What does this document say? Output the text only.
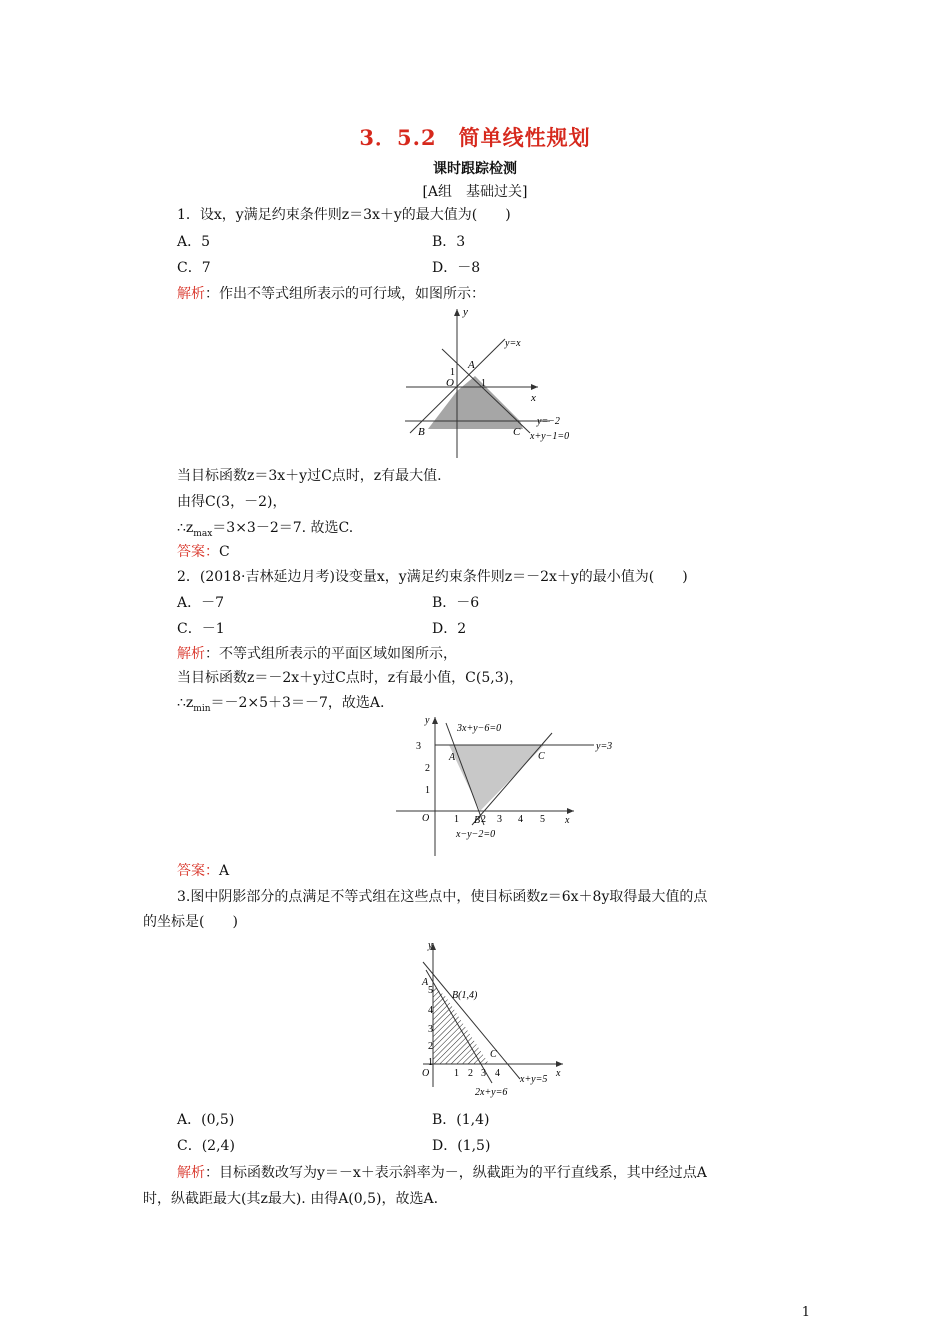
3．5.2　简单线性规划
课时跟踪检测
[A组　基础过关]
1．设x，y满足约束条件则z＝3x＋y的最大值为(　　)
A．5	B．3
C．7	D．－8
解析：作出不等式组所表示的可行域，如图所示：
y
x
y=x
A
O
1
1
y=−2
B	C x+y−1=0
当目标函数z＝3x＋y过C点时，z有最大值.
由得C(3，－2)，
$\therefore z_{max}=3\times 3-2=7$. 故选C.
答案：C
2．(2018·吉林延边月考)设变量x，y满足约束条件则z＝－2x＋y的最小值为(　　)
A．－7	B．－6
C．－1	D．2
解析：不等式组所表示的平面区域如图所示，
当目标函数z＝－2x＋y过C点时，z有最小值，C(5,3)，
$\therefore z_{min}=-2\times 5+3=-7$，故选A.
y
x
3x+y−6=0
y=3
x−y−2=0
A
B
C
O
3
2
1
1 2 3 4 5
答案：A
3.图中阴影部分的点满足不等式组在这些点中，使目标函数z＝6x＋8y取得最大值的点
的坐标是(　　)
y
x
A
B(1,4)
C
O
5
4
3
2
1
1 2 3 4
x+y=5
2x+y=6
A．(0,5)	B．(1,4)
C．(2,4)	D．(1,5)
解析：目标函数改写为y＝－x＋表示斜率为－，纵截距为的平行直线系，其中经过点A
时，纵截距最大(其z最大). 由得A(0,5)，故选A.
1
